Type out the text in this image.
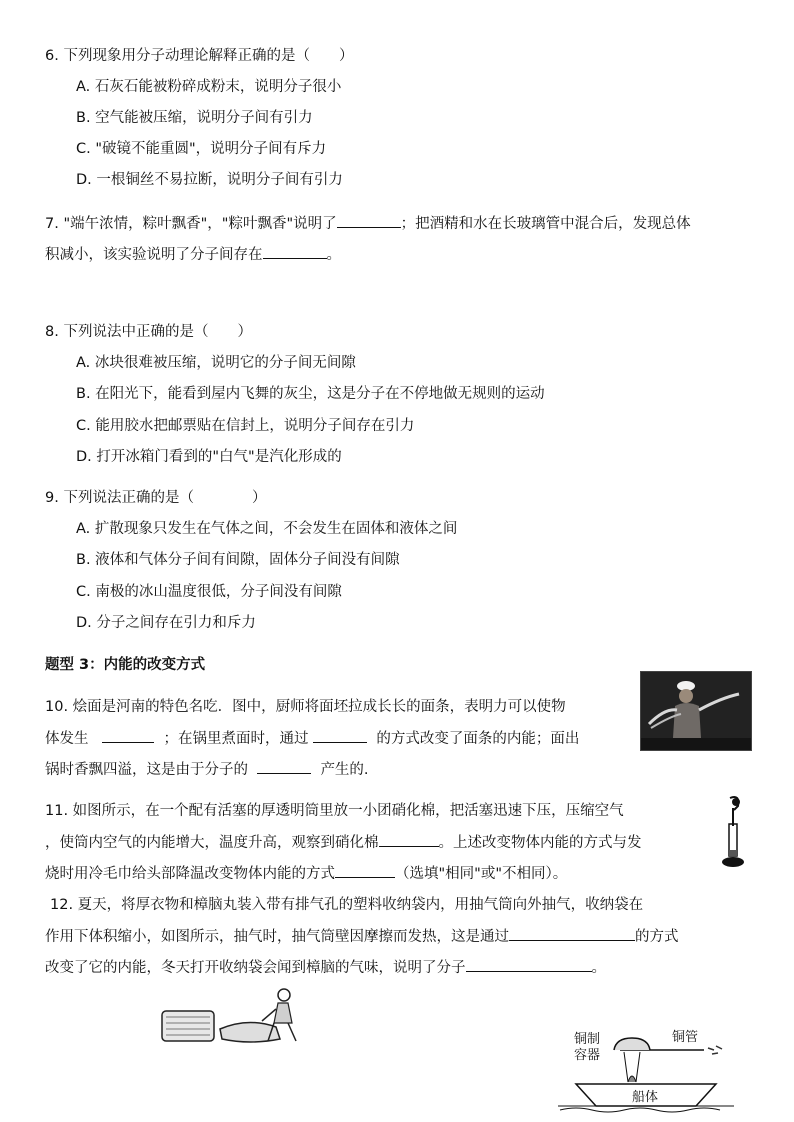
6. 下列现象用分子动理论解释正确的是（　　）
A. 石灰石能被粉碎成粉末，说明分子很小
B. 空气能被压缩，说明分子间有引力
C. "破镜不能重圆"，说明分子间有斥力
D. 一根铜丝不易拉断，说明分子间有引力
7. "端午浓情，粽叶飘香"，"粽叶飘香"说明了	；把酒精和水在长玻璃管中混合后，发现总体
积减小，该实验说明了分子间存在	。
8. 下列说法中正确的是（　　）
A. 冰块很难被压缩，说明它的分子间无间隙
B. 在阳光下，能看到屋内飞舞的灰尘，这是分子在不停地做无规则的运动
C. 能用胶水把邮票贴在信封上，说明分子间存在引力
D. 打开冰箱门看到的"白气"是汽化形成的
9. 下列说法正确的是（　　　　）
A. 扩散现象只发生在气体之间，不会发生在固体和液体之间
B. 液体和气体分子间有间隙，固体分子间没有间隙
C. 南极的冰山温度很低，分子间没有间隙
D. 分子之间存在引力和斥力
题型 3：内能的改变方式
10. 烩面是河南的特色名吃．图中，厨师将面坯拉成长长的面条，表明力可以使物
体发生	；在锅里煮面时，通过	的方式改变了面条的内能；面出
锅时香飘四溢，这是由于分子的	产生的.
11. 如图所示，在一个配有活塞的厚透明筒里放一小团硝化棉，把活塞迅速下压，压缩空气
，使筒内空气的内能增大，温度升高，观察到硝化棉	。上述改变物体内能的方式与发
烧时用冷毛巾给头部降温改变物体内能的方式	（选填"相同"或"不相同）。
12. 夏天，将厚衣物和樟脑丸装入带有排气孔的塑料收纳袋内，用抽气筒向外抽气，收纳袋在
作用下体积缩小，如图所示，抽气时，抽气筒壁因摩擦而发热，这是通过	的方式
改变了它的内能，冬天打开收纳袋会闻到樟脑的气味，说明了分子	。
铜制
容器
铜管
船体
